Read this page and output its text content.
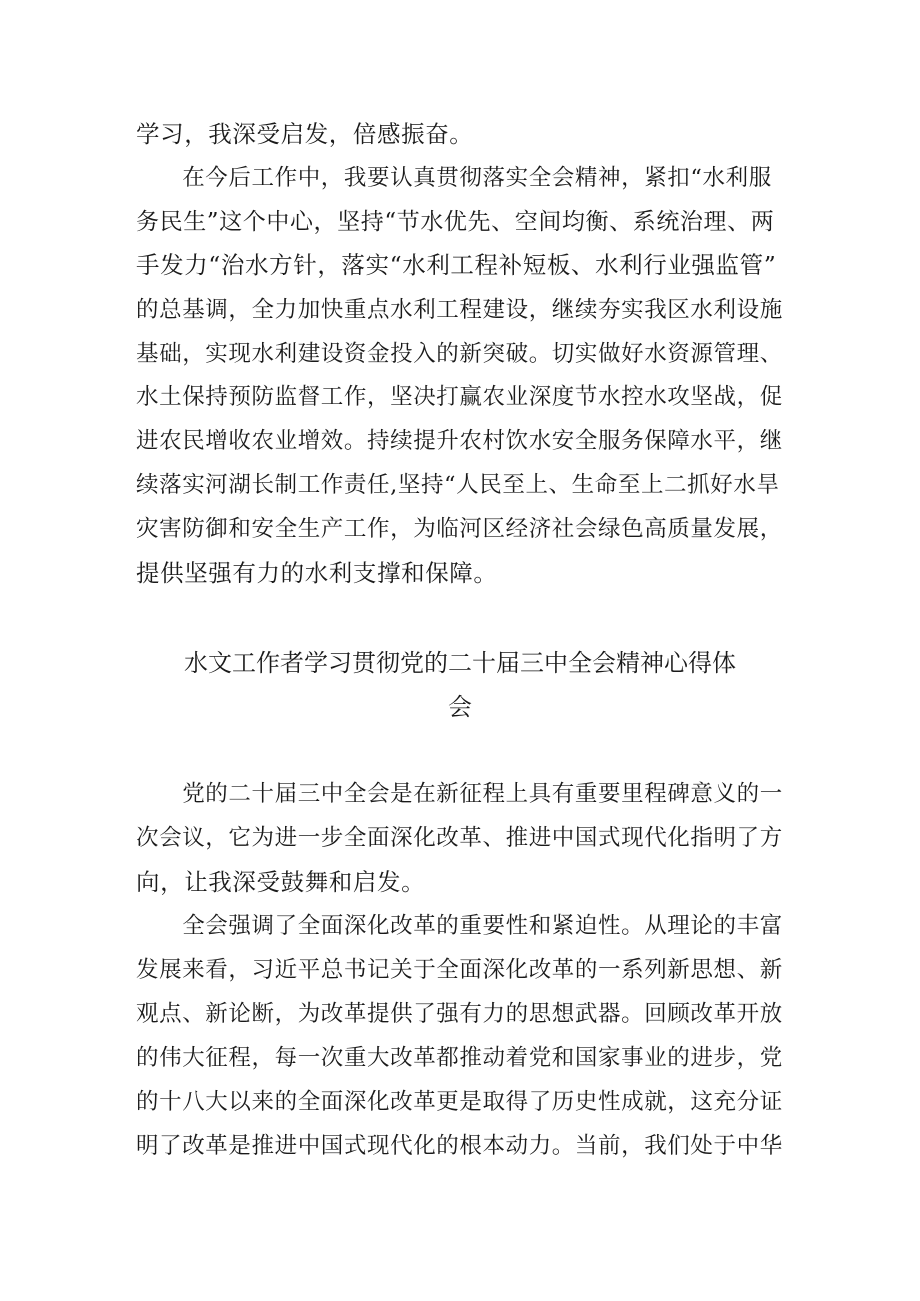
学习，我深受启发，倍感振奋。
　　在今后工作中，我要认真贯彻落实全会精神，紧扣“水利服
务民生”这个中心，坚持“节水优先、空间均衡、系统治理、两
手发力“治水方针，落实“水利工程补短板、水利行业强监管”
的总基调，全力加快重点水利工程建设，继续夯实我区水利设施
基础，实现水利建设资金投入的新突破。切实做好水资源管理、
水土保持预防监督工作，坚决打赢农业深度节水控水攻坚战，促
进农民增收农业增效。持续提升农村饮水安全服务保障水平，继
续落实河湖长制工作责任,坚持“人民至上、生命至上二抓好水旱
灾害防御和安全生产工作，为临河区经济社会绿色高质量发展，
提供坚强有力的水利支撑和保障。
水文工作者学习贯彻党的二十届三中全会精神心得体
会
　　党的二十届三中全会是在新征程上具有重要里程碑意义的一
次会议，它为进一步全面深化改革、推进中国式现代化指明了方
向，让我深受鼓舞和启发。
　　全会强调了全面深化改革的重要性和紧迫性。从理论的丰富
发展来看，习近平总书记关于全面深化改革的一系列新思想、新
观点、新论断，为改革提供了强有力的思想武器。回顾改革开放
的伟大征程，每一次重大改革都推动着党和国家事业的进步，党
的十八大以来的全面深化改革更是取得了历史性成就，这充分证
明了改革是推进中国式现代化的根本动力。当前，我们处于中华
